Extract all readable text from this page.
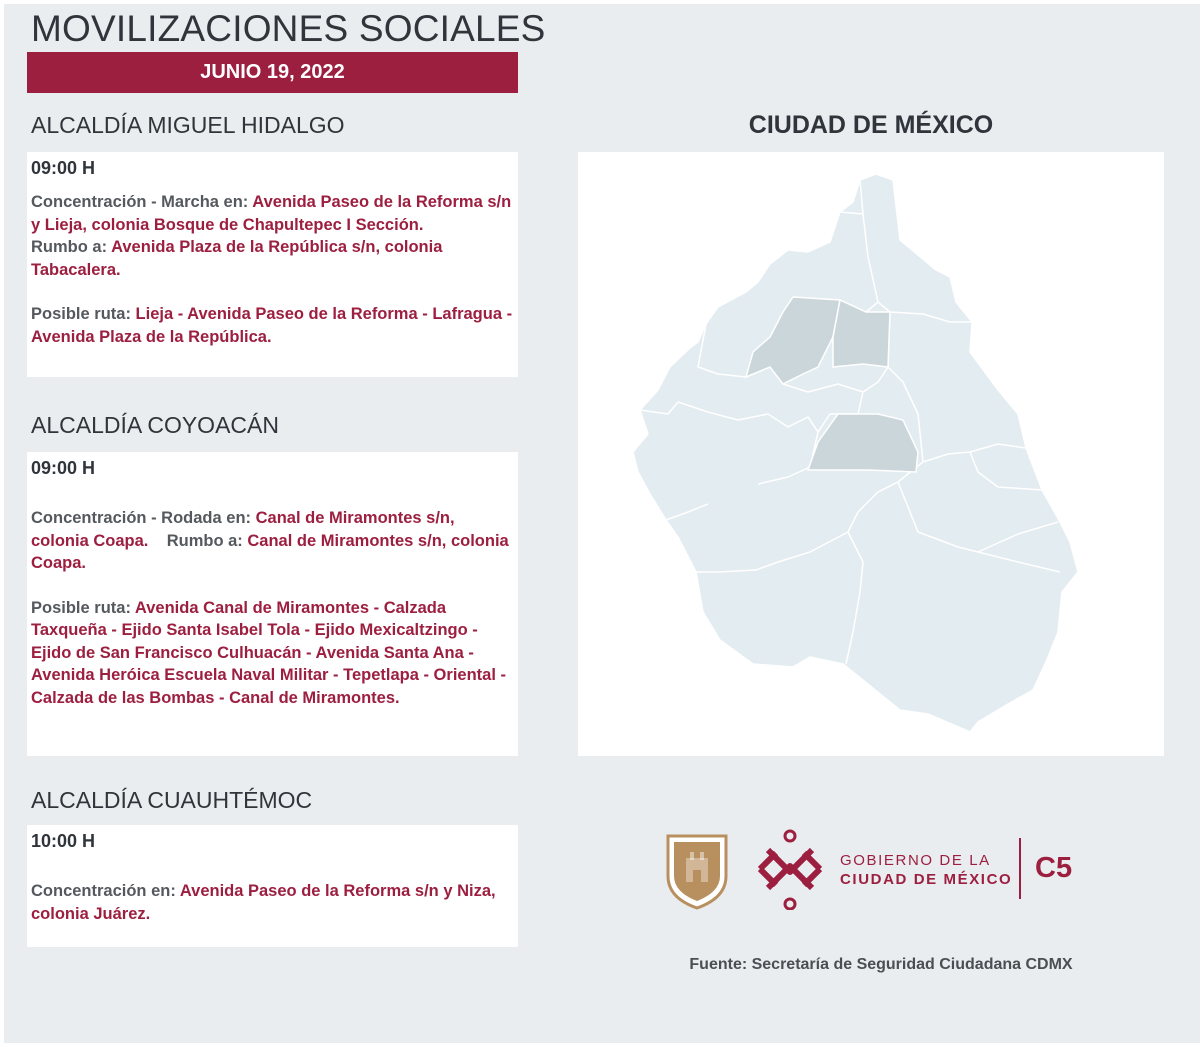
MOVILIZACIONES SOCIALES
JUNIO 19, 2022
ALCALDÍA MIGUEL HIDALGO
09:00 H
Concentración - Marcha en: Avenida Paseo de la Reforma s/n y Lieja, colonia Bosque de Chapultepec I Sección.
Rumbo a: Avenida Plaza de la República s/n, colonia Tabacalera.
Posible ruta: Lieja - Avenida Paseo de la Reforma - Lafragua - Avenida Plaza de la República.
ALCALDÍA COYOACÁN
09:00 H
Concentración - Rodada en: Canal de Miramontes s/n, colonia Coapa. Rumbo a: Canal de Miramontes s/n, colonia Coapa.
Posible ruta: Avenida Canal de Miramontes - Calzada Taxqueña - Ejido Santa Isabel Tola - Ejido Mexicaltzingo - Ejido de San Francisco Culhuacán - Avenida Santa Ana - Avenida Heróica Escuela Naval Militar - Tepetlapa - Oriental - Calzada de las Bombas - Canal de Miramontes.
ALCALDÍA CUAUHTÉMOC
10:00 H
Concentración en: Avenida Paseo de la Reforma s/n y Niza, colonia Juárez.
CIUDAD DE MÉXICO
GOBIERNO DE LA
CIUDAD DE MÉXICO C5
Fuente: Secretaría de Seguridad Ciudadana CDMX
